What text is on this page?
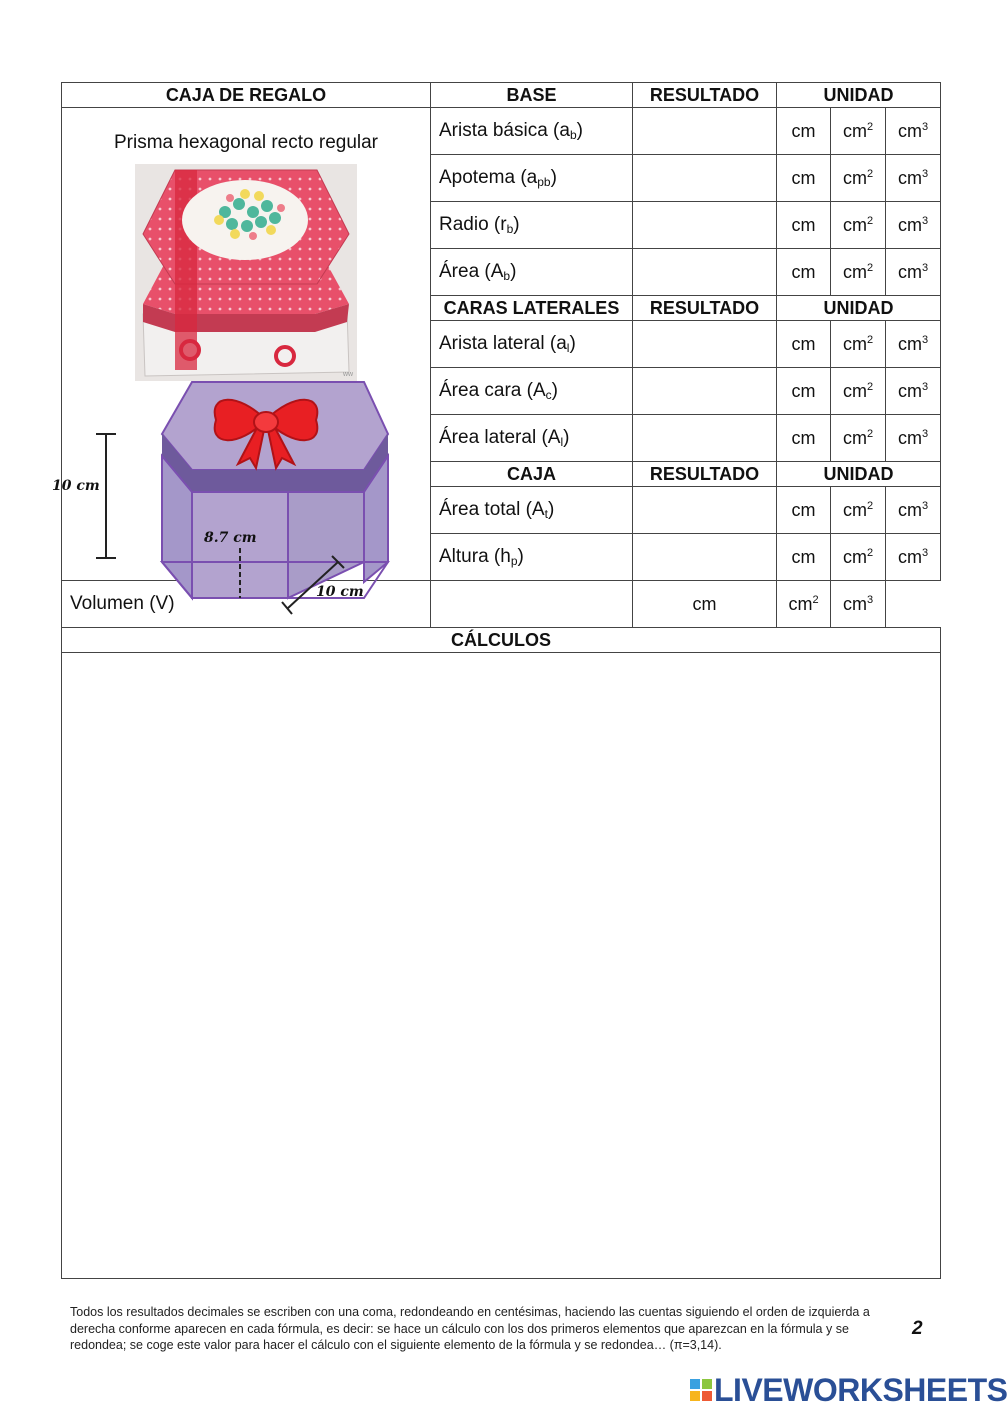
CAJA DE REGALO	BASE	RESULTADO	UNIDAD		

Prisma hexagonal recto regular
ww
10 cm
8.7 cm
10 cm	Arista básica $(a_b)$		cm	$cm^2$	$cm^3$
	Apotema $(a_{pb})$		cm	$cm^2$	$cm^3$
	Radio $(r_b)$		cm	$cm^2$	$cm^3$
	Área $(A_b)$		cm	$cm^2$	$cm^3$
	CARAS LATERALES	RESULTADO	UNIDAD		
	Arista lateral $(a_l)$		cm	$cm^2$	$cm^3$
	Área cara $(A_c)$		cm	$cm^2$	$cm^3$
	Área lateral $(A_l)$		cm	$cm^2$	$cm^3$
	CAJA	RESULTADO	UNIDAD		
	Área total $(A_t)$		cm	$cm^2$	$cm^3$
	Altura $(h_p)$		cm	$cm^2$	$cm^3$
Volumen (V)		cm	$cm^2$	$cm^3$
CÁLCULOS					

Todos los resultados decimales se escriben con una coma, redondeando en centésimas, haciendo las cuentas siguiendo el orden de izquierda a derecha conforme aparecen en cada fórmula, es decir: se hace un cálculo con los dos primeros elementos que aparezcan en la fórmula y se redondea; se coge este valor para hacer el cálculo con el siguiente elemento de la fórmula y se redondea… (π=3,14).
2
LIVEWORKSHEETS
